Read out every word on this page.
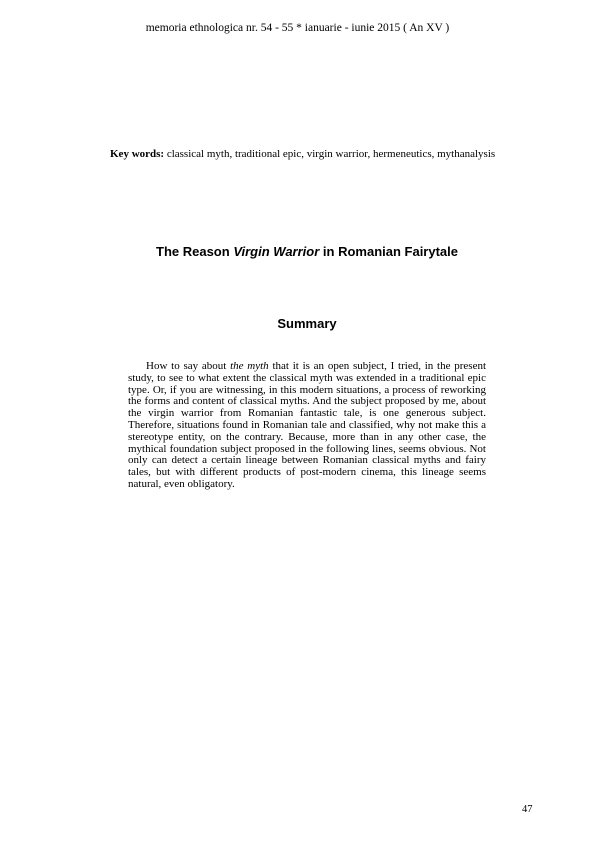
memoria ethnologica nr. 54 - 55 * ianuarie - iunie 2015 ( An XV )
Key words: classical myth, traditional epic, virgin warrior, hermeneutics, mythanalysis
The Reason Virgin Warrior in Romanian Fairytale
Summary
How to say about the myth that it is an open subject, I tried, in the present study, to see to what extent the classical myth was extended in a traditional epic type. Or, if you are witnessing, in this modern situations, a process of reworking the forms and content of classical myths. And the subject proposed by me, about the virgin warrior from Romanian fantastic tale, is one generous subject. Therefore, situations found in Romanian tale and classified, why not make this a stereotype entity, on the contrary. Because, more than in any other case, the mythical foundation subject proposed in the following lines, seems obvious. Not only can detect a certain lineage between Romanian classical myths and fairy tales, but with different products of post-modern cinema, this lineage seems natural, even obligatory.
47
